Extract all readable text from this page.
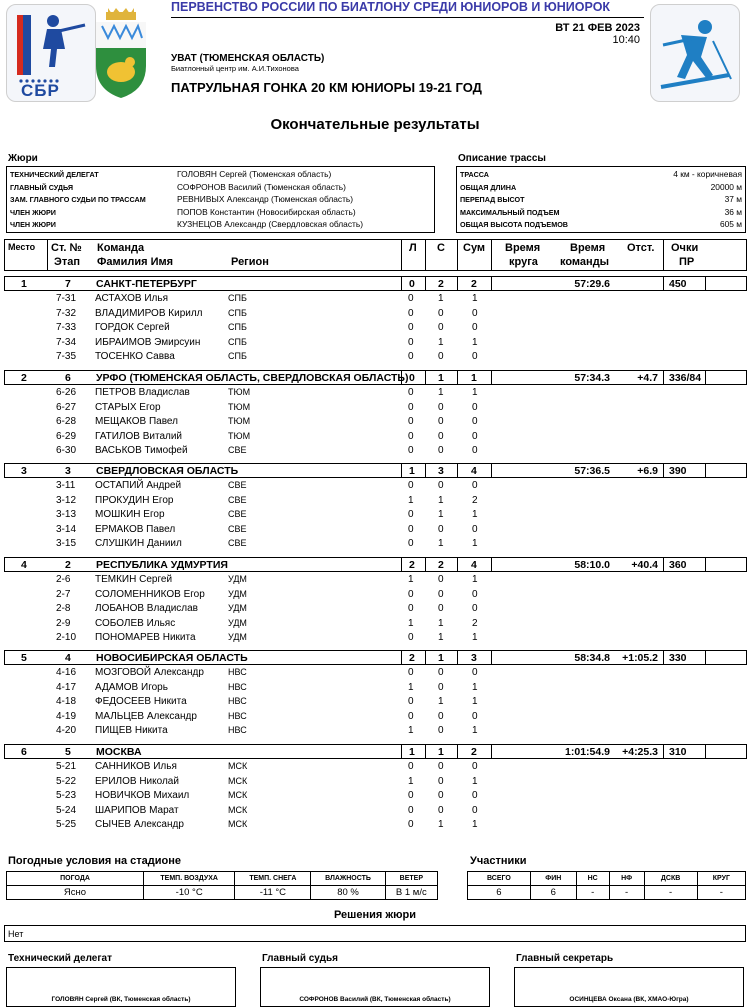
СБР
ПЕРВЕНСТВО РОССИИ ПО БИАТЛОНУ СРЕДИ ЮНИОРОВ И ЮНИОРОК
ВТ 21 ФЕВ 2023
10:40
УВАТ (ТЮМЕНСКАЯ ОБЛАСТЬ)
Биатлонный центр им. А.И.Тихонова
ПАТРУЛЬНАЯ ГОНКА 20 КМ ЮНИОРЫ 19-21 ГОД
Окончательные результаты
Жюри
ТЕХНИЧЕСКИЙ ДЕЛЕГАТ	ГОЛОВЯН Сергей (Тюменская область)
ГЛАВНЫЙ СУДЬЯ	СОФРОНОВ Василий (Тюменская область)
ЗАМ. ГЛАВНОГО СУДЬИ ПО ТРАССАМ	РЕВНИВЫХ Александр (Тюменская область)
ЧЛЕН ЖЮРИ	ПОПОВ Константин (Новосибирская область)
ЧЛЕН ЖЮРИ	КУЗНЕЦОВ Александр (Свердловская область)
Описание трассы
ТРАССА	4 км - коричневая
ОБЩАЯ ДЛИНА	20000 м
ПЕРЕПАД ВЫСОТ	37 м
МАКСИМАЛЬНЫЙ ПОДЪЕМ	36 м
ОБЩАЯ ВЫСОТА ПОДЪЕМОВ	605 м
Место Ст. №
Этап
Команда
Фамилия Имя	Регион
Л С Сум Время
круга
Время
команды
Отст. Очки
ПР
1	7 САНКТ-ПЕТЕРБУРГ	0 2	2	57:29.6	450
7-31 АСТАХОВ Илья	СПБ	0 1	1
7-32 ВЛАДИМИРОВ Кирилл	СПБ	0 0	0
7-33 ГОРДОК Сергей	СПБ	0 0	0
7-34 ИБРАИМОВ Эмирсуин	СПБ	0 1	1
7-35 ТОСЕНКО Савва	СПБ	0 0	0
2	6 УРФО (ТЮМЕНСКАЯ ОБЛАСТЬ, СВЕРДЛОВСКАЯ ОБЛАСТЬ) 0 1	1	57:34.3	+4.7 336/84
6-26 ПЕТРОВ Владислав	ТЮМ	0 1	1
6-27 СТАРЫХ Егор	ТЮМ	0 0	0
6-28 МЕЩАКОВ Павел	ТЮМ	0 0	0
6-29 ГАТИЛОВ Виталий	ТЮМ	0 0	0
6-30 ВАСЬКОВ Тимофей	СВЕ	0 0	0
3	3 СВЕРДЛОВСКАЯ ОБЛАСТЬ	1 3	4	57:36.5	+6.9 390
3-11 ОСТАПИЙ Андрей	СВЕ	0 0	0
3-12 ПРОКУДИН Егор	СВЕ	1 1	2
3-13 МОШКИН Егор	СВЕ	0 1	1
3-14 ЕРМАКОВ Павел	СВЕ	0 0	0
3-15 СЛУШКИН Даниил	СВЕ	0 1	1
4	2 РЕСПУБЛИКА УДМУРТИЯ	2 2	4	58:10.0 +40.4 360
2-6 ТЕМКИН Сергей	УДМ	1 0	1
2-7 СОЛОМЕННИКОВ Егор	УДМ	0 0	0
2-8 ЛОБАНОВ Владислав	УДМ	0 0	0
2-9 СОБОЛЕВ Ильяс	УДМ	1 1	2
2-10 ПОНОМАРЕВ Никита	УДМ	0 1	1
5	4 НОВОСИБИРСКАЯ ОБЛАСТЬ	2 1	3	58:34.8 +1:05.2 330
4-16 МОЗГОВОЙ Александр	НВС	0 0	0
4-17 АДАМОВ Игорь	НВС	1 0	1
4-18 ФЕДОСЕЕВ Никита	НВС	0 1	1
4-19 МАЛЬЦЕВ Александр	НВС	0 0	0
4-20 ПИЩЕВ Никита	НВС	1 0	1
6	5 МОСКВА	1 1	2	1:01:54.9 +4:25.3 310
5-21 САННИКОВ Илья	МСК	0 0	0
5-22 ЕРИЛОВ Николай	МСК	1 0	1
5-23 НОВИЧКОВ Михаил	МСК	0 0	0
5-24 ШАРИПОВ Марат	МСК	0 0	0
5-25 СЫЧЕВ Александр	МСК	0 1	1
Погодные условия на стадионе
ПОГОДА	ТЕМП. ВОЗДУХА	ТЕМП. СНЕГА	ВЛАЖНОСТЬ	ВЕТЕР
Ясно	-10 °C	-11 °C	80 %	В 1 м/с
Участники
ВСЕГО	ФИН	НС	НФ	ДСКВ	КРУГ
6	6	-	-	-	-
Решения жюри
Нет
Технический делегат
ГОЛОВЯН Сергей (ВК, Тюменская область)
Главный судья
СОФРОНОВ Василий (ВК, Тюменская область)
Главный секретарь
ОСИНЦЕВА Оксана (ВК, ХМАО-Югра)
